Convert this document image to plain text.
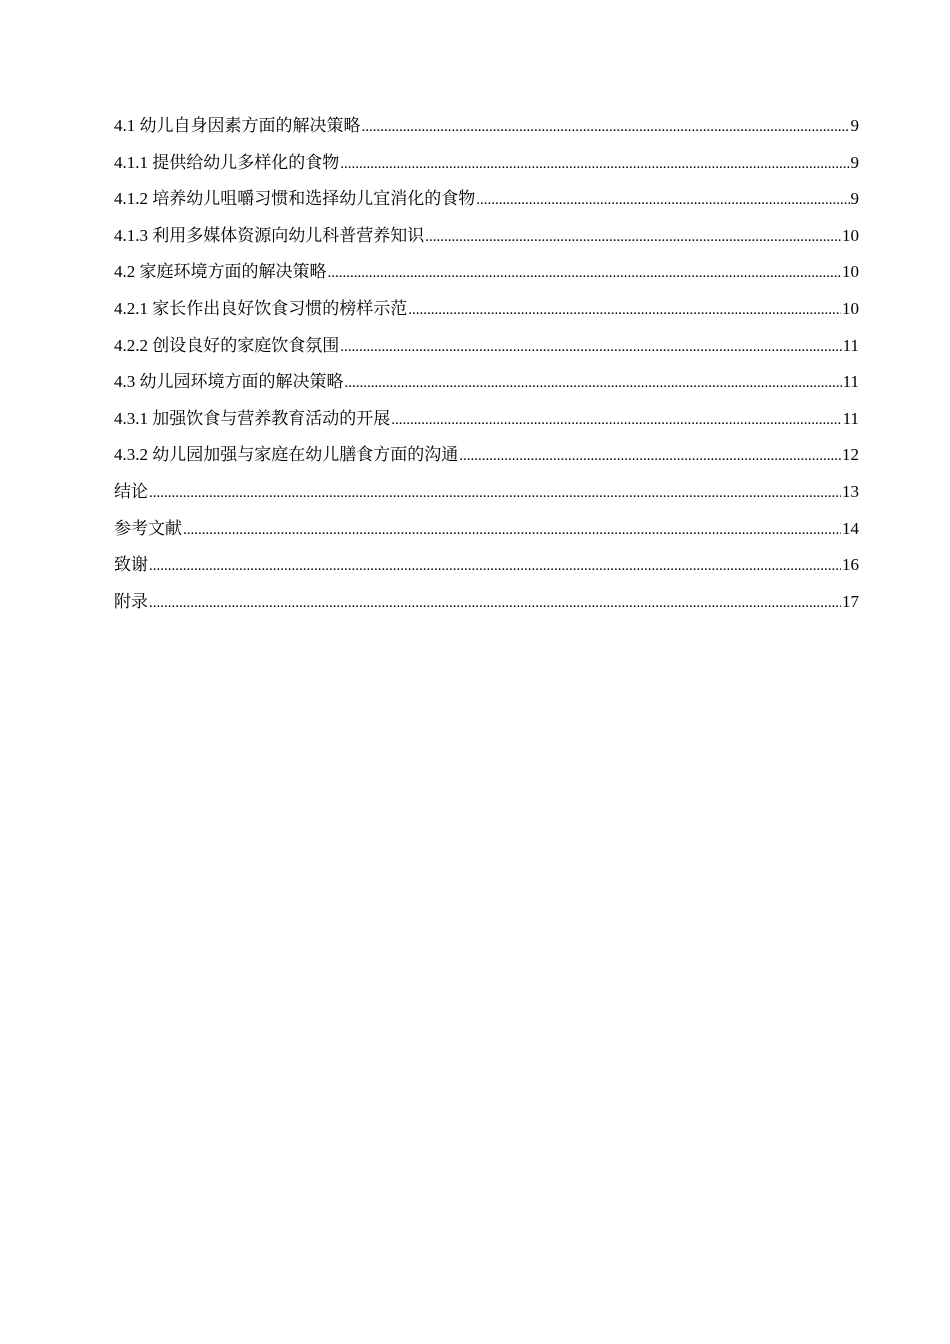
4.1 幼儿自身因素方面的解决策略 .....	9
4.1.1 提供给幼儿多样化的食物 .....	9
4.1.2 培养幼儿咀嚼习惯和选择幼儿宜消化的食物 .....	9
4.1.3 利用多媒体资源向幼儿科普营养知识 .....	10
4.2 家庭环境方面的解决策略 .....	10
4.2.1 家长作出良好饮食习惯的榜样示范 .....	10
4.2.2 创设良好的家庭饮食氛围 .....	11
4.3 幼儿园环境方面的解决策略 .....	11
4.3.1 加强饮食与营养教育活动的开展 .....	11
4.3.2 幼儿园加强与家庭在幼儿膳食方面的沟通 .....	12
结论 .....	13
参考文献 .....	14
致谢 .....	16
附录 .....	17
